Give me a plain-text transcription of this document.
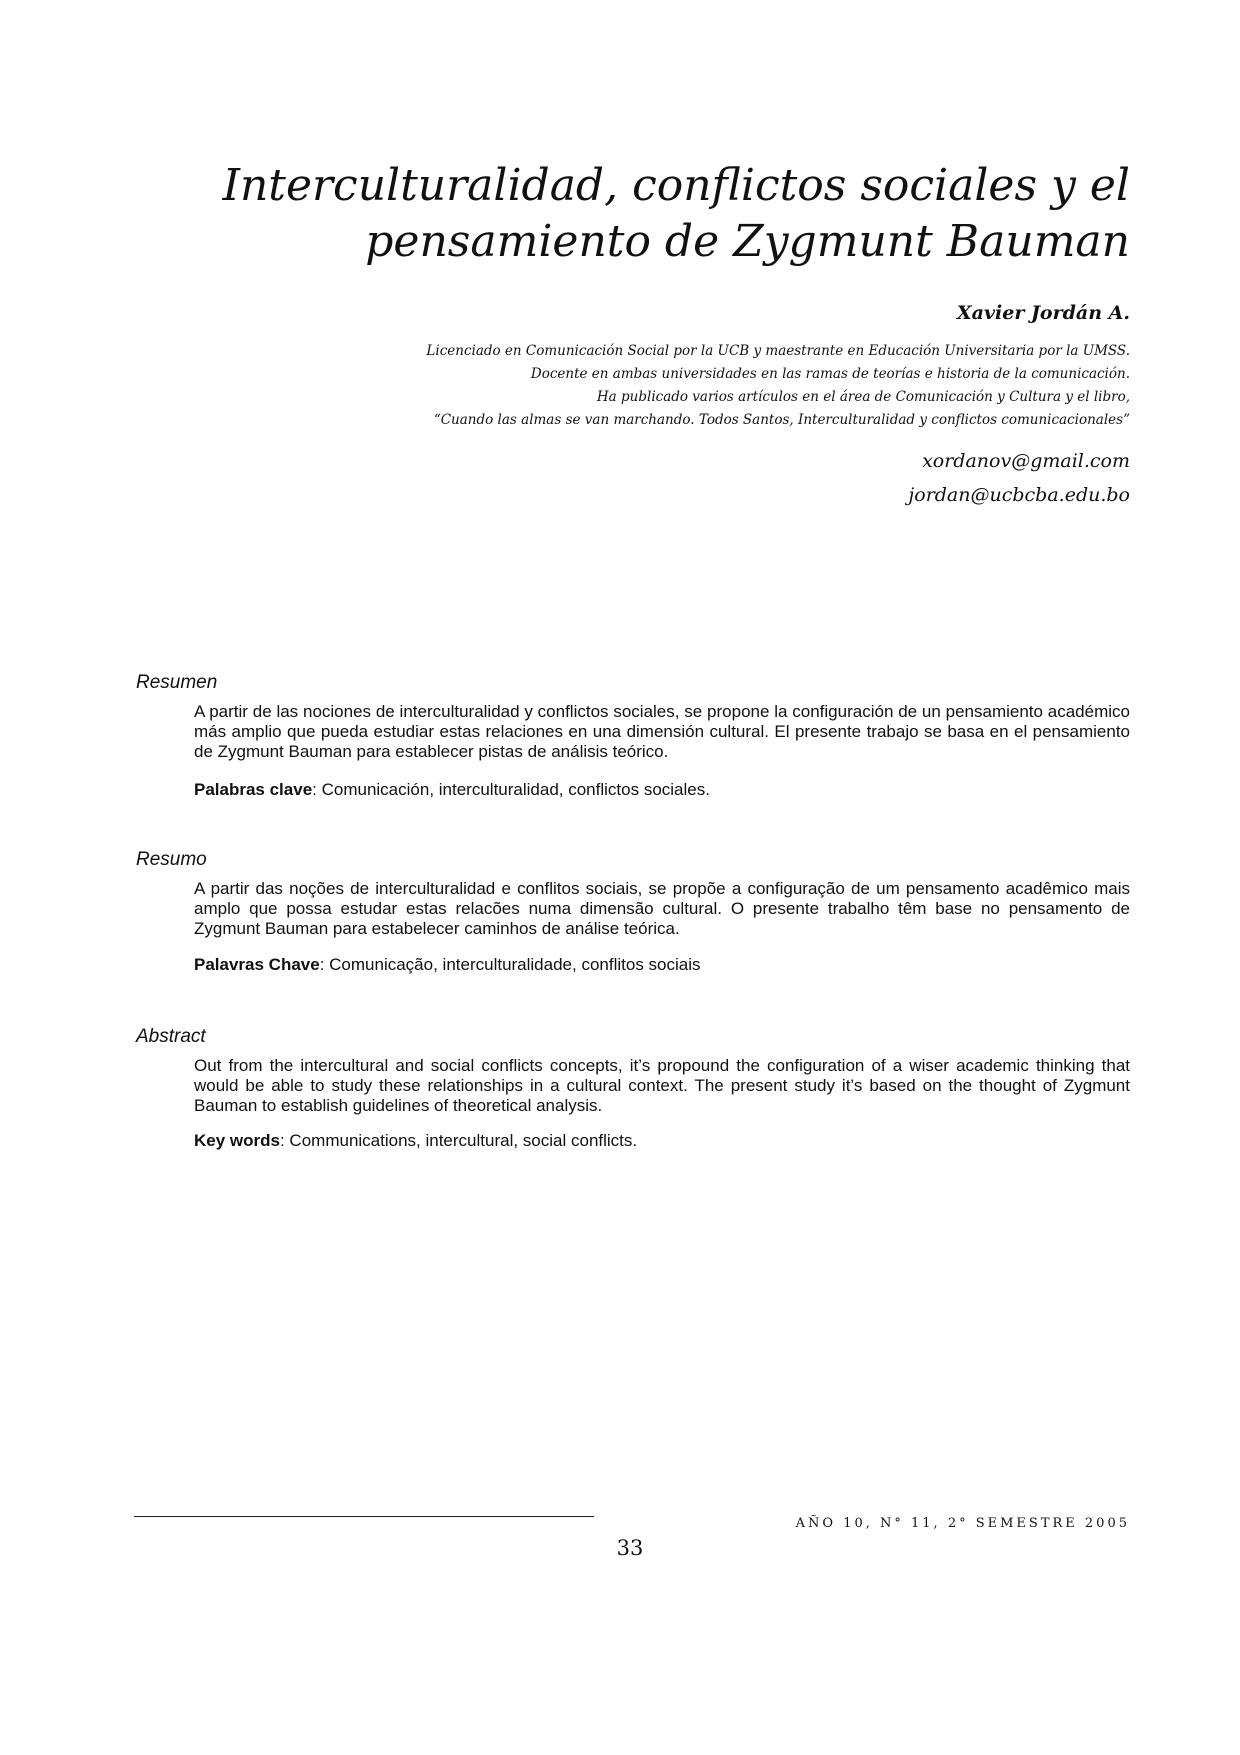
Interculturalidad, conflictos sociales y el
pensamiento de Zygmunt Bauman
Xavier Jordán A.
Licenciado en Comunicación Social por la UCB y maestrante en Educación Universitaria por la UMSS.
Docente en ambas universidades en las ramas de teorías e historia de la comunicación.
Ha publicado varios artículos en el área de Comunicación y Cultura y el libro,
“Cuando las almas se van marchando. Todos Santos, Interculturalidad y conflictos comunicacionales”
xordanov@gmail.com
jordan@ucbcba.edu.bo
Resumen
A partir de las nociones de interculturalidad y conflictos sociales, se propone la configuración de un pensamiento académico más amplio que pueda estudiar estas relaciones en una dimensión cultural. El presente trabajo se basa en el pensamiento de Zygmunt Bauman para establecer pistas de análisis teórico.
Palabras clave: Comunicación, interculturalidad, conflictos sociales.
Resumo
A partir das noções de interculturalidad e conflitos sociais, se propõe a configuração de um pensamento acadêmico mais amplo que possa estudar estas relacões numa dimensão cultural. O presente trabalho têm base no pensamento de Zygmunt Bauman para estabelecer caminhos de análise teórica.
Palavras Chave: Comunicação, interculturalidade, conflitos sociais
Abstract
Out from the intercultural and social conflicts concepts, it’s propound the configuration of a wiser academic thinking that would be able to study these relationships in a cultural context. The present study it’s based on the thought of Zygmunt Bauman to establish guidelines of theoretical analysis.
Key words: Communications, intercultural, social conflicts.
AÑO 10, N° 11, 2° SEMESTRE 2005
33
